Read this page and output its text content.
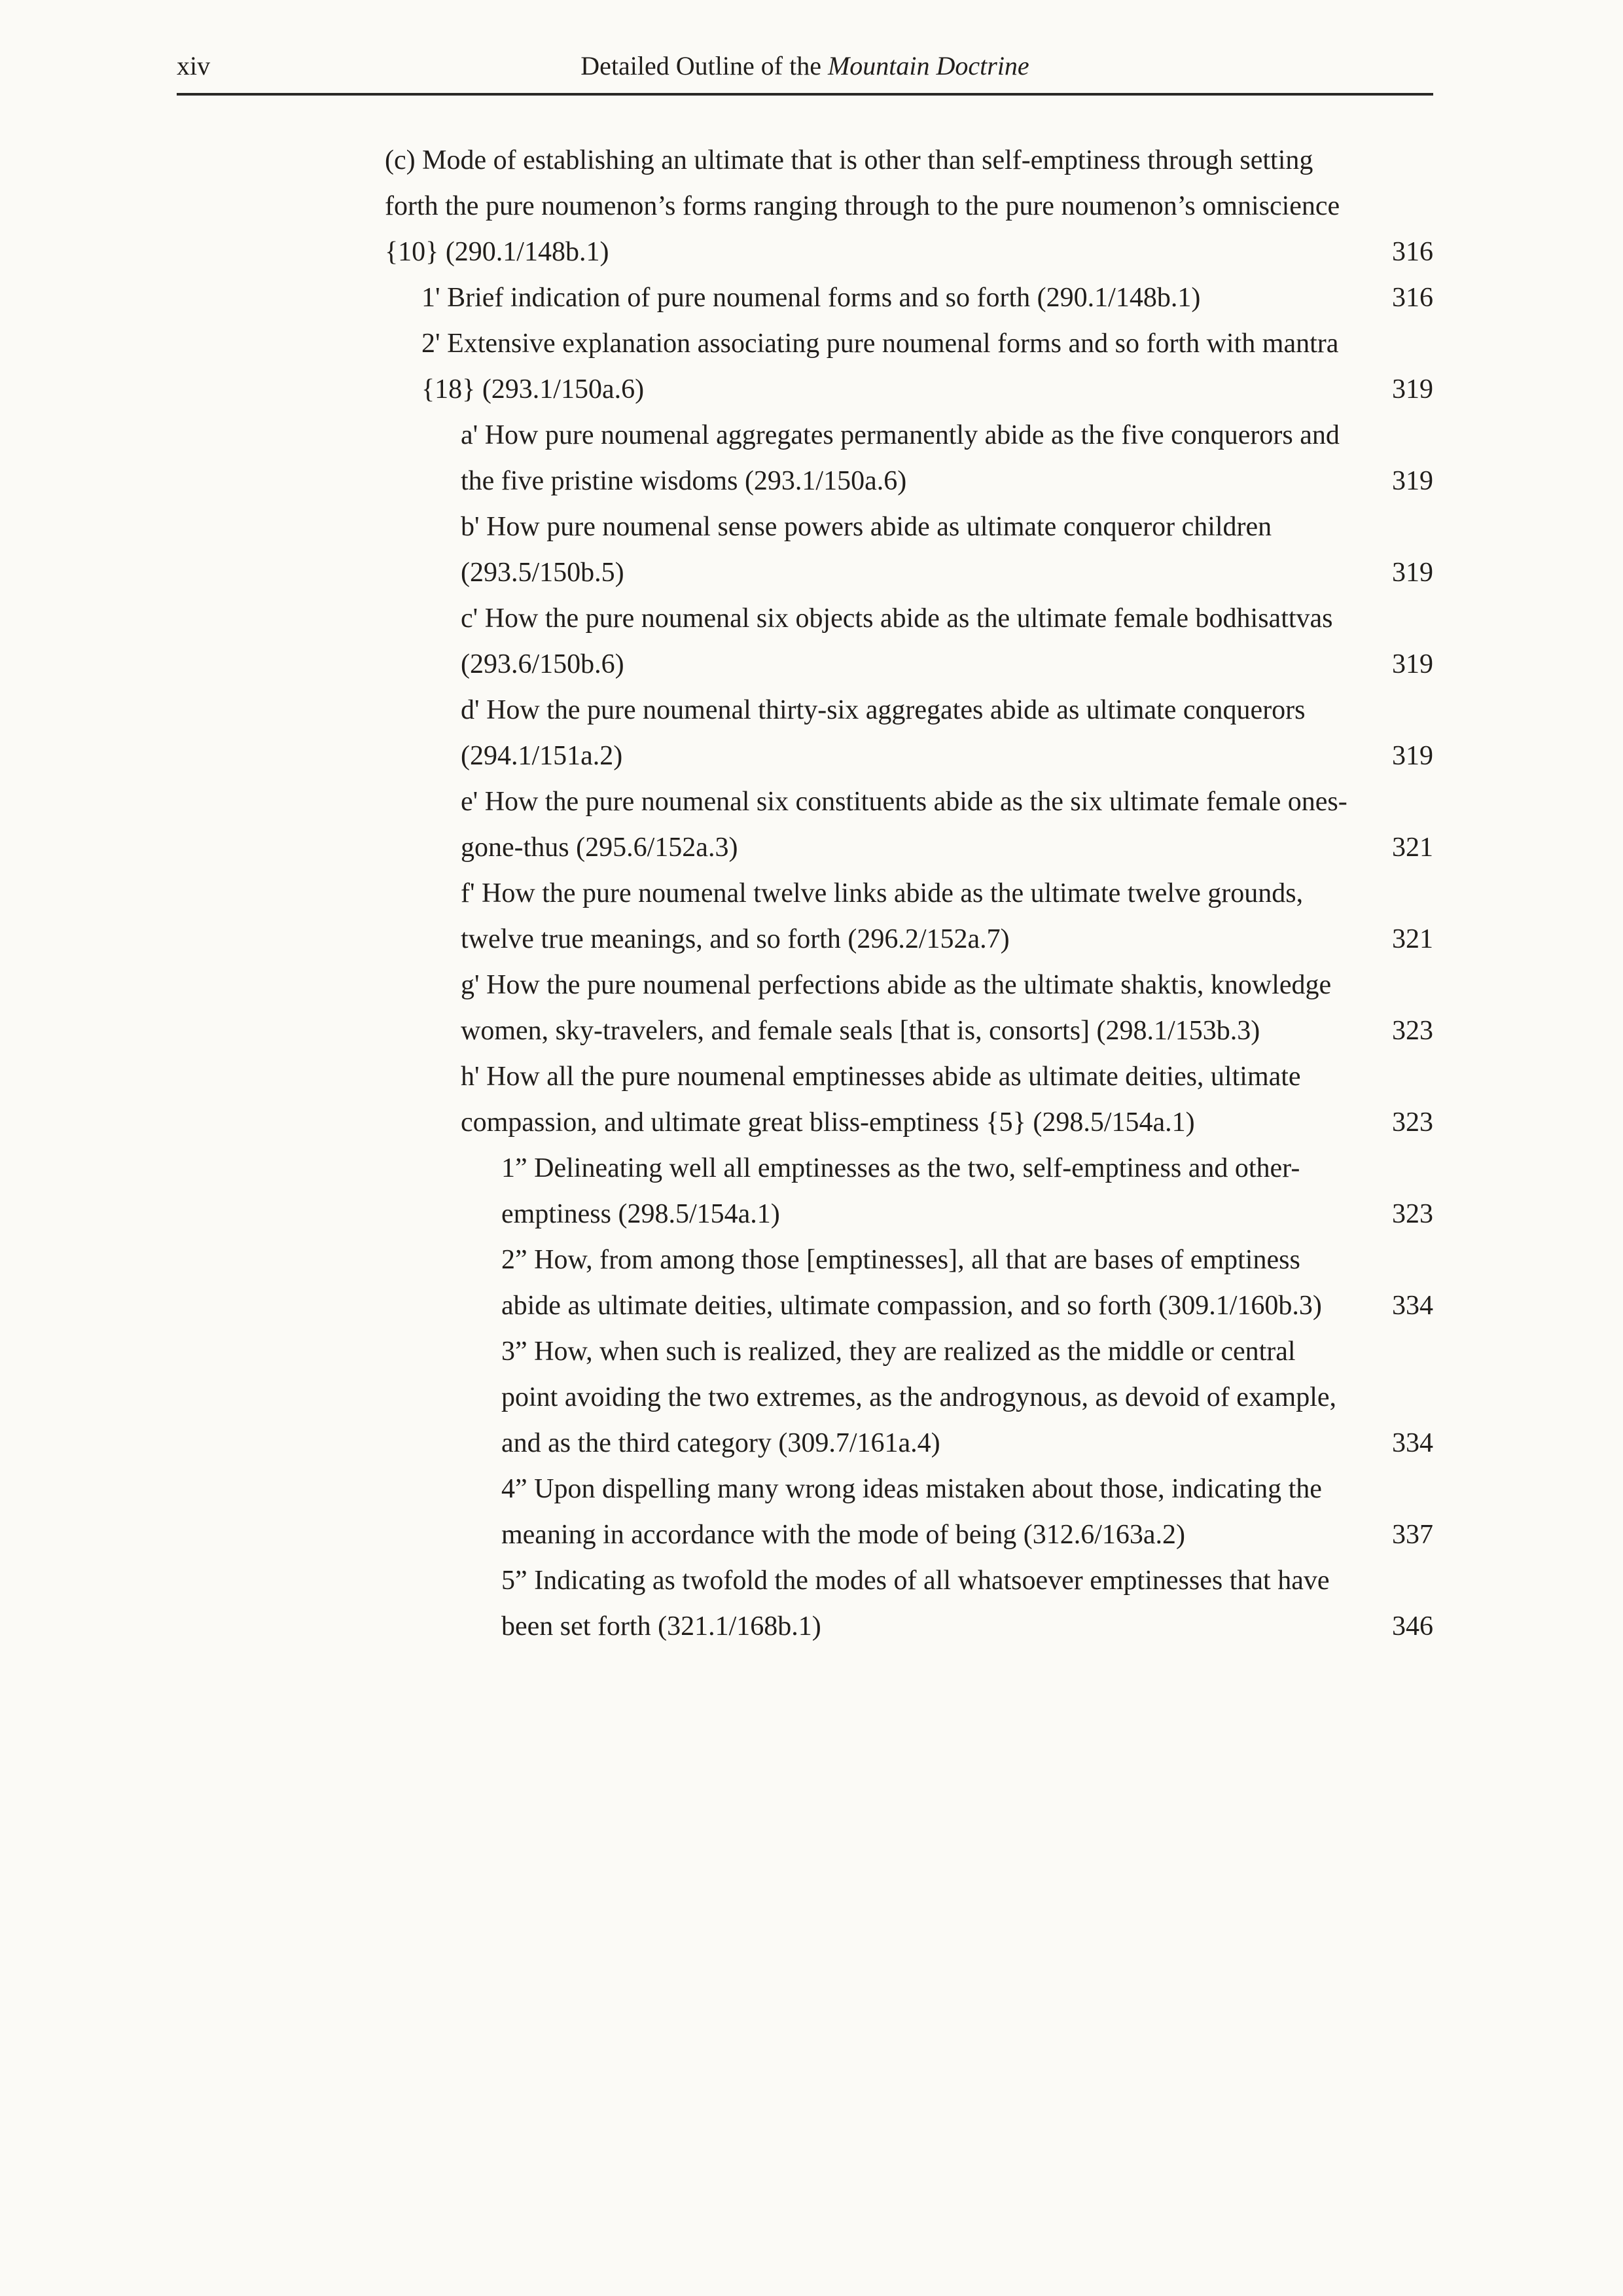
xiv	Detailed Outline of the Mountain Doctrine
(c) Mode of establishing an ultimate that is other than self-emptiness through setting forth the pure noumenon’s forms ranging through to the pure noumenon’s omniscience {10} (290.1/148b.1)	316
1' Brief indication of pure noumenal forms and so forth (290.1/148b.1)	316
2' Extensive explanation associating pure noumenal forms and so forth with mantra {18} (293.1/150a.6)	319
a' How pure noumenal aggregates permanently abide as the five conquerors and the five pristine wisdoms (293.1/150a.6)	319
b' How pure noumenal sense powers abide as ultimate conqueror children (293.5/150b.5)	319
c' How the pure noumenal six objects abide as the ultimate female bodhisattvas (293.6/150b.6)	319
d' How the pure noumenal thirty-six aggregates abide as ultimate conquerors (294.1/151a.2)	319
e' How the pure noumenal six constituents abide as the six ultimate female ones-gone-thus (295.6/152a.3)	321
f' How the pure noumenal twelve links abide as the ultimate twelve grounds, twelve true meanings, and so forth (296.2/152a.7)	321
g' How the pure noumenal perfections abide as the ultimate shaktis, knowledge women, sky-travelers, and female seals [that is, consorts] (298.1/153b.3)	323
h' How all the pure noumenal emptinesses abide as ultimate deities, ultimate compassion, and ultimate great bliss-emptiness {5} (298.5/154a.1)	323
1” Delineating well all emptinesses as the two, self-emptiness and other-emptiness (298.5/154a.1)	323
2” How, from among those [emptinesses], all that are bases of emptiness abide as ultimate deities, ultimate compassion, and so forth (309.1/160b.3)	334
3” How, when such is realized, they are realized as the middle or central point avoiding the two extremes, as the androgynous, as devoid of example, and as the third category (309.7/161a.4)	334
4” Upon dispelling many wrong ideas mistaken about those, indicating the meaning in accordance with the mode of being (312.6/163a.2)	337
5” Indicating as twofold the modes of all whatsoever emptinesses that have been set forth (321.1/168b.1)	346
